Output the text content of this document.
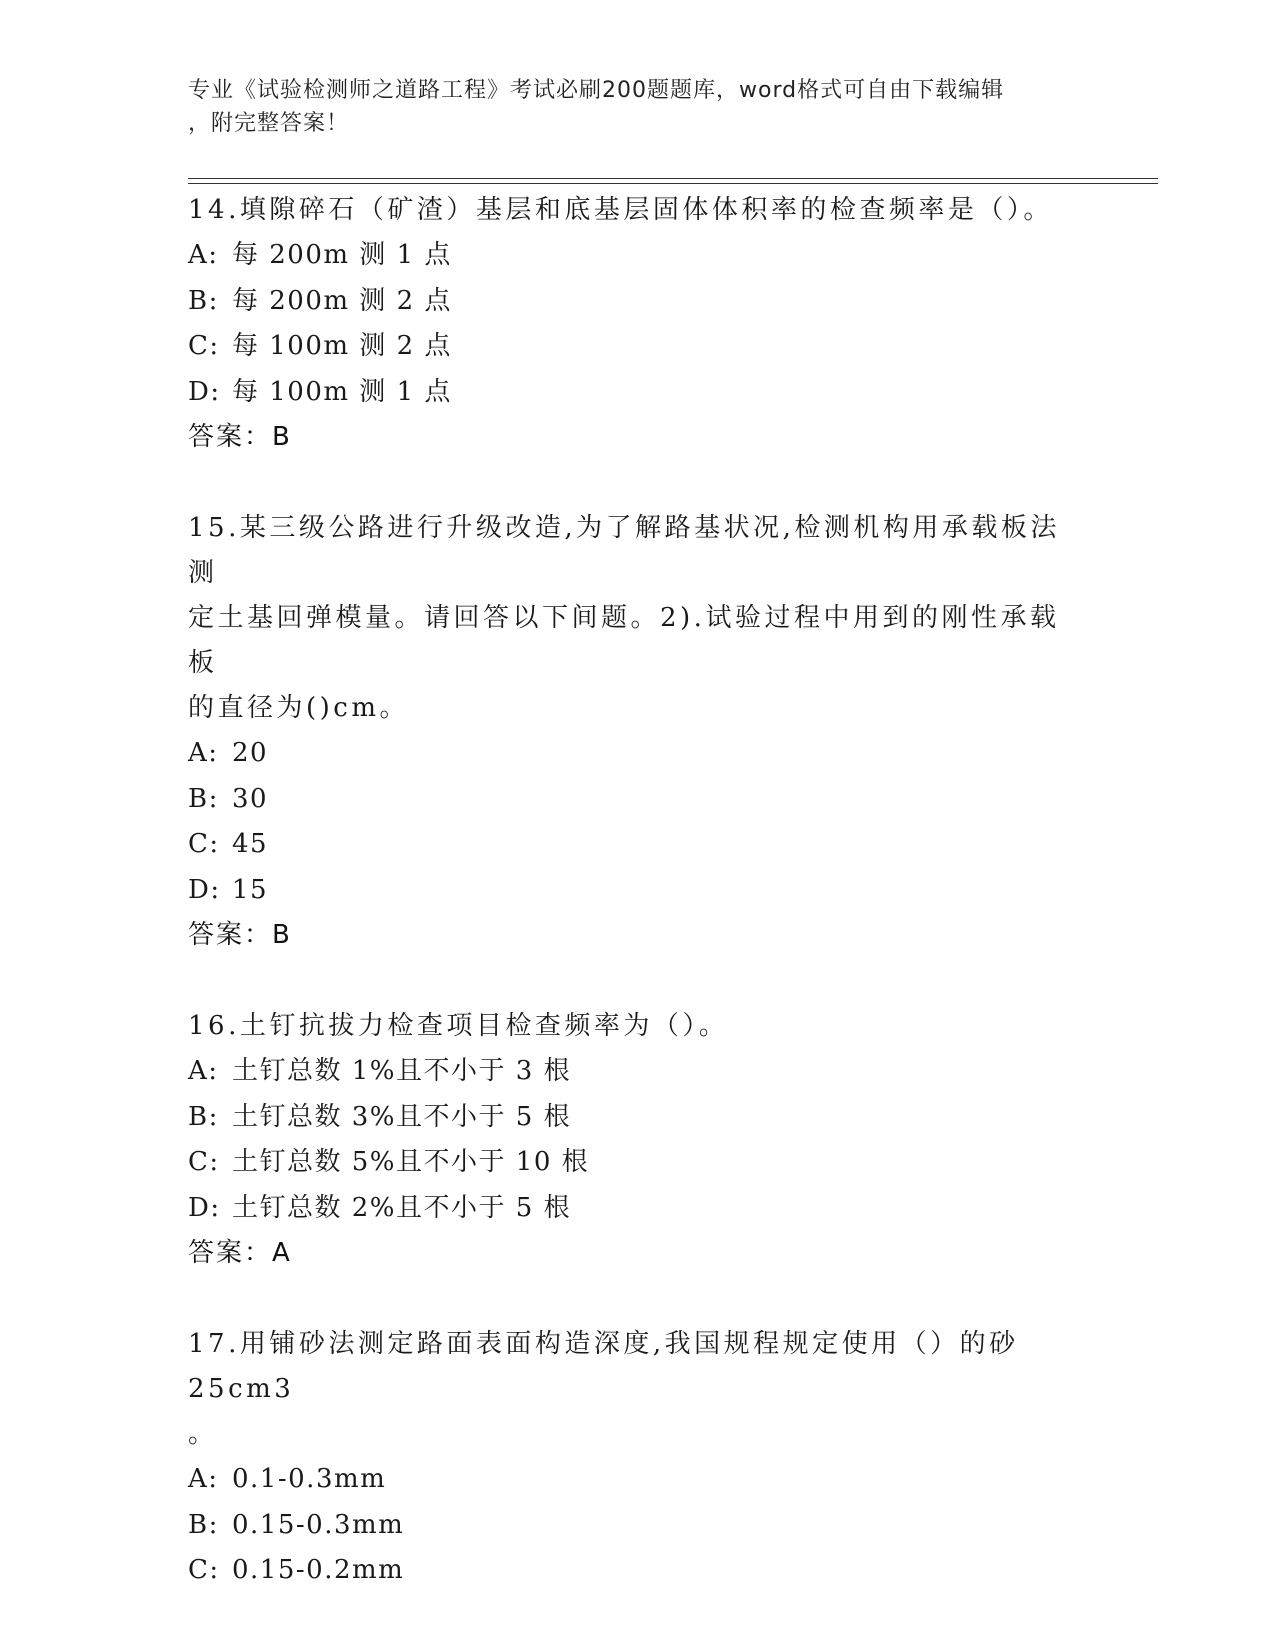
专业《试验检测师之道路工程》考试必刷200题题库，word格式可自由下载编辑
，附完整答案！

14.填隙碎石（矿渣）基层和底基层固体体积率的检查频率是（）。

A: 每 200m 测 1 点

B: 每 200m 测 2 点

C: 每 100m 测 2 点

D: 每 100m 测 1 点

答案：B

15.某三级公路进行升级改造,为了解路基状况,检测机构用承载板法测

定土基回弹模量。请回答以下间题。2).试验过程中用到的刚性承载板

的直径为()cm。

A: 20

B: 30

C: 45

D: 15

答案：B

16.土钉抗拔力检查项目检查频率为（）。

A: 土钉总数 1%且不小于 3 根

B: 土钉总数 3%且不小于 5 根

C: 土钉总数 5%且不小于 10 根

D: 土钉总数 2%且不小于 5 根

答案：A

17.用铺砂法测定路面表面构造深度,我国规程规定使用（）的砂 25cm3

。

A: 0.1-0.3mm

B: 0.15-0.3mm

C: 0.15-0.2mm
